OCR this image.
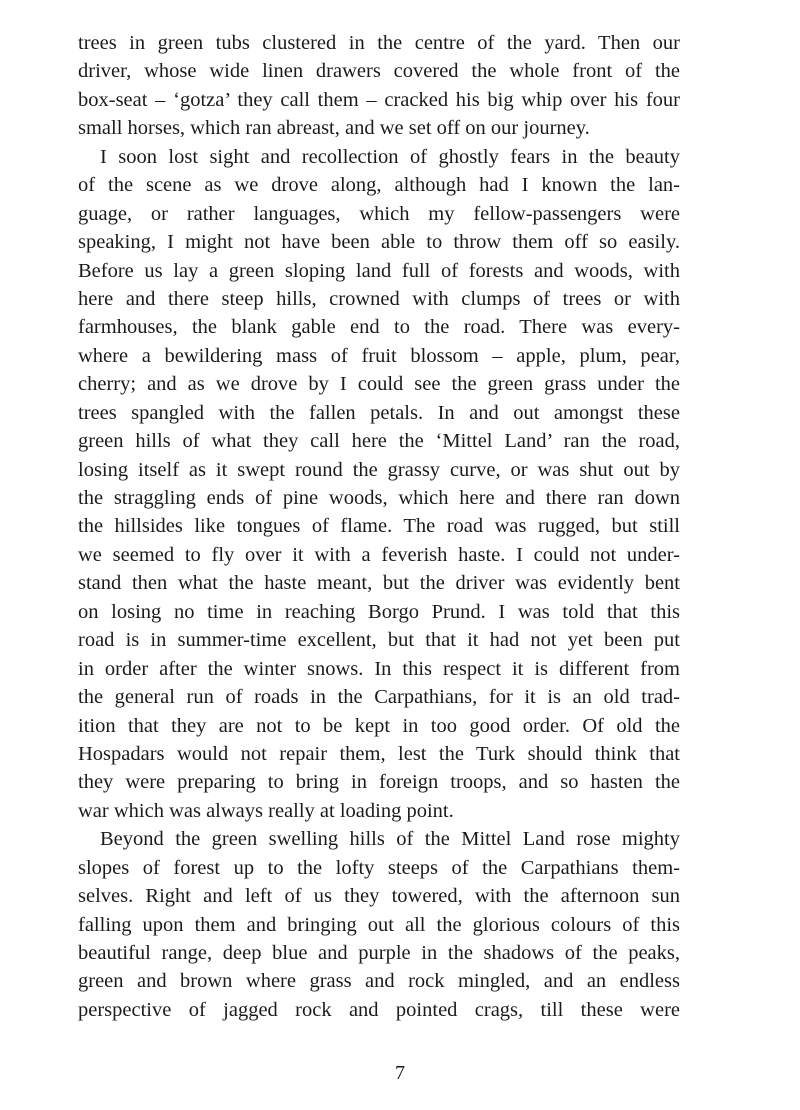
trees in green tubs clustered in the centre of the yard. Then our
driver, whose wide linen drawers covered the whole front of the
box-seat – ‘gotza’ they call them – cracked his big whip over his four
small horses, which ran abreast, and we set off on our journey.
I soon lost sight and recollection of ghostly fears in the beauty
of the scene as we drove along, although had I known the lan-
guage, or rather languages, which my fellow-passengers were
speaking, I might not have been able to throw them off so easily.
Before us lay a green sloping land full of forests and woods, with
here and there steep hills, crowned with clumps of trees or with
farmhouses, the blank gable end to the road. There was every-
where a bewildering mass of fruit blossom – apple, plum, pear,
cherry; and as we drove by I could see the green grass under the
trees spangled with the fallen petals. In and out amongst these
green hills of what they call here the ‘Mittel Land’ ran the road,
losing itself as it swept round the grassy curve, or was shut out by
the straggling ends of pine woods, which here and there ran down
the hillsides like tongues of flame. The road was rugged, but still
we seemed to fly over it with a feverish haste. I could not under-
stand then what the haste meant, but the driver was evidently bent
on losing no time in reaching Borgo Prund. I was told that this
road is in summer-time excellent, but that it had not yet been put
in order after the winter snows. In this respect it is different from
the general run of roads in the Carpathians, for it is an old trad-
ition that they are not to be kept in too good order. Of old the
Hospadars would not repair them, lest the Turk should think that
they were preparing to bring in foreign troops, and so hasten the
war which was always really at loading point.
Beyond the green swelling hills of the Mittel Land rose mighty
slopes of forest up to the lofty steeps of the Carpathians them-
selves. Right and left of us they towered, with the afternoon sun
falling upon them and bringing out all the glorious colours of this
beautiful range, deep blue and purple in the shadows of the peaks,
green and brown where grass and rock mingled, and an endless
perspective of jagged rock and pointed crags, till these were
7
